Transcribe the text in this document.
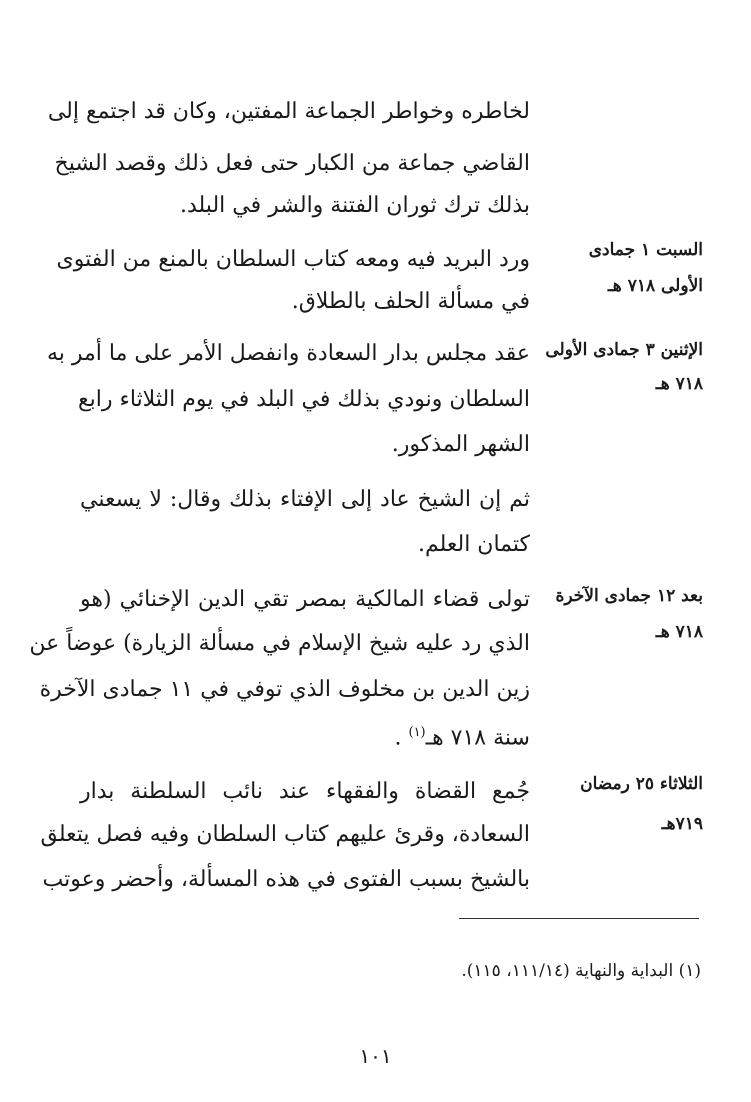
لخاطره وخواطر الجماعة المفتين، وكان قد اجتمع إلى
القاضي جماعة من الكبار حتى فعل ذلك وقصد الشيخ
بذلك ترك ثوران الفتنة والشر في البلد.
السبت ١ جمادى
الأولى ٧١٨ هـ
ورد البريد فيه ومعه كتاب السلطان بالمنع من الفتوى
في مسألة الحلف بالطلاق.
الإثنين ٣ جمادى الأولى
٧١٨ هـ
عقد مجلس بدار السعادة وانفصل الأمر على ما أمر به
السلطان ونودي بذلك في البلد في يوم الثلاثاء رابع
الشهر المذكور.
ثم إن الشيخ عاد إلى الإفتاء بذلك وقال: لا يسعني
كتمان العلم.
بعد ١٢ جمادى الآخرة
٧١٨ هـ
تولى قضاء المالكية بمصر تقي الدين الإخنائي (هو
الذي رد عليه شيخ الإسلام في مسألة الزيارة) عوضاً عن
زين الدين بن مخلوف الذي توفي في ١١ جمادى الآخرة
سنة ٧١٨ هـ$^{(١)}$ .
الثلاثاء ٢٥ رمضان
٧١٩هـ
جُمع القضاة والفقهاء عند نائب السلطنة بدار
السعادة، وقرئ عليهم كتاب السلطان وفيه فصل يتعلق
بالشيخ بسبب الفتوى في هذه المسألة، وأحضر وعوتب
(١) البداية والنهاية (١١١/١٤، ١١٥).
١٠١
